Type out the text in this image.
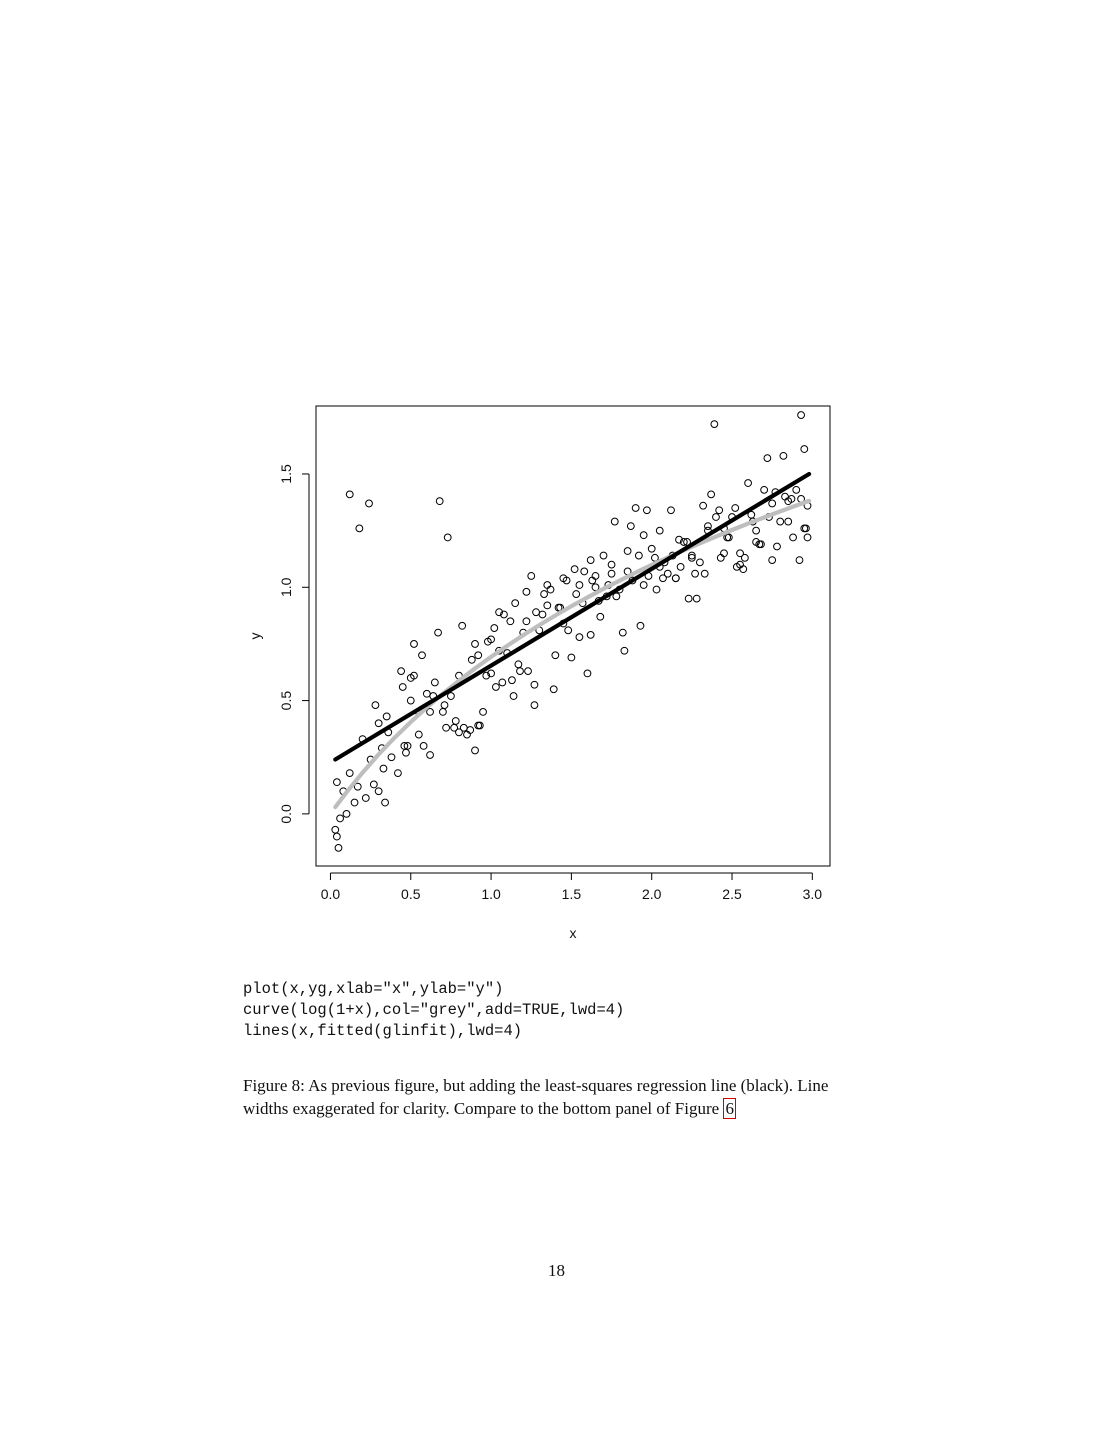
0.0	0.5	1.0	1.5	2.0	2.5	3.0
0.0
0.5
1.0
1.5
x
y
plot(x,yg,xlab="x",ylab="y")
curve(log(1+x),col="grey",add=TRUE,lwd=4)
lines(x,fitted(glinfit),lwd=4)

Figure 8: As previous figure, but adding the least-squares regression line (black). Line widths exaggerated for clarity. Compare to the bottom panel of Figure 6

18
